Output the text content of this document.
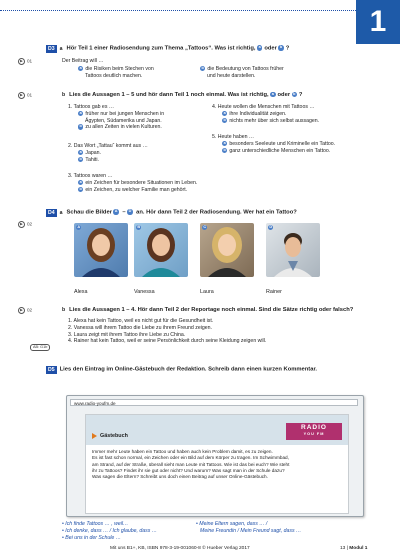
1
D3 a Hör Teil 1 einer Radiosendung zum Thema „Tattoos“. Was ist richtig, a oder b ?
▶ 01	Der Beitrag will …
a die Risiken beim Stechen von
Tattoos deutlich machen.
b die Bedeutung von Tattoos früher
und heute darstellen.
▶ 01	b Lies die Aussagen 1 – 5 und hör dann Teil 1 noch einmal. Was ist richtig, a oder b ?
1. Tattoos gab es …
a früher nur bei jungen Menschen in
Ägypten, Südamerika und Japan.
b zu allen Zeiten in vielen Kulturen.
2. Das Wort „Tattau“ kommt aus …
a Japan.
b Tahiti.
3. Tattoos waren …
a ein Zeichen für besondere Situationen im Leben.
b ein Zeichen, zu welcher Familie man gehört.
4. Heute wollen die Menschen mit Tattoos …
a ihre Individualität zeigen.
b nichts mehr über sich selbst aussagen.
5. Heute haben …
a besonders Seeleute und Kriminelle ein Tattoo.
b ganz unterschiedliche Menschen ein Tattoo.
D4 a Schau die Bilder A – D an. Hör dann Teil 2 der Radiosendung. Wer hat ein Tattoo?
▶ 02
A	B	C	D
Alexa	Vanessa	Laura	Rainer
▶ 02	b Lies die Aussagen 1 – 4. Hör dann Teil 2 der Reportage noch einmal. Sind die Sätze richtig oder falsch?
1. Alexa hat kein Tattoo, weil es nicht gut für die Gesundheit ist.
2. Vanessa will ihrem Tattoo die Liebe zu ihrem Freund zeigen.
3. Laura zeigt mit ihrem Tattoo ihre Liebe zu China.
4. Rainer hat kein Tattoo, weil er seine Persönlichkeit durch seine Kleidung zeigen will.
AB: G1b
D5 Lies den Eintrag im Online-Gästebuch der Redaktion. Schreib dann einen kurzen Kommentar.
www.radio-youfm.de
RADIO
YOU FM
Gästebuch
Immer mehr Leute haben ein Tattoo und haben auch kein Problem damit, es zu zeigen.
Es ist fast schon normal, ein Zeichen oder ein Bild auf dem Körper zu tragen. Im Schwimmbad,
am Strand, auf der Straße, überall sieht man Leute mit Tattoos. Wie ist das bei euch? Wie steht
ihr zu Tattoos? Findet ihr sie gut oder nicht? Und warum? Was sagt man in der Schule dazu?
Was sagen die Eltern? Schreibt uns doch einen Beitrag auf unser Online-Gästebuch.
• Ich finde Tattoos … , weil…
• Ich denke, dass … / Ich glaube, dass …
• Bei uns in der Schule …
• Meine Eltern sagen, dass … /
Meine Freundin / Mein Freund sagt, dass …
Mit uns B1+, KB, ISBN 978-3-19-001060-8 © Hueber Verlag 2017	13 | Modul 1
